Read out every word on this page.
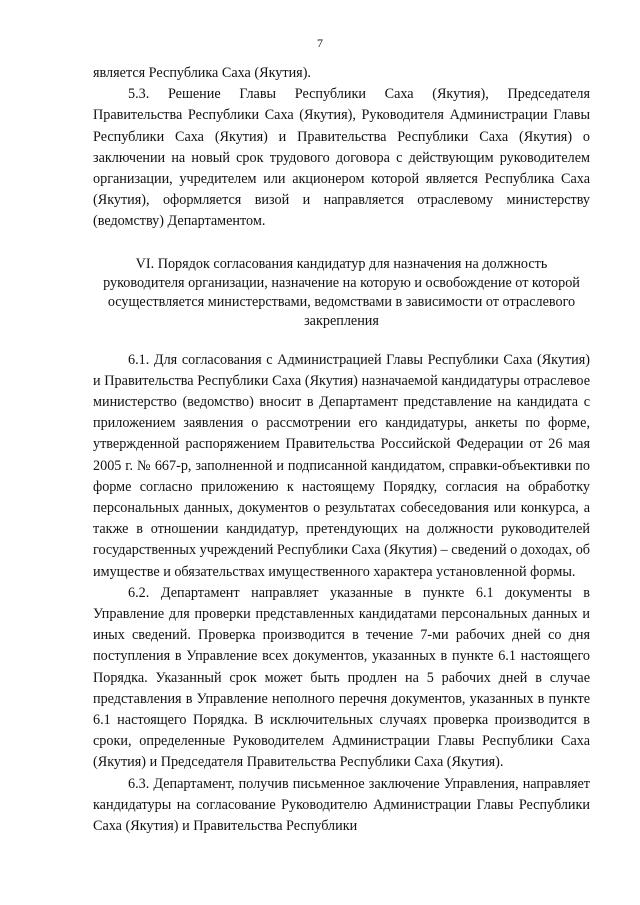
7

является Республика Саха (Якутия).

5.3. Решение Главы Республики Саха (Якутия), Председателя Правительства Республики Саха (Якутия), Руководителя Администрации Главы Республики Саха (Якутия) и Правительства Республики Саха (Якутия) о заключении на новый срок трудового договора с действующим руководителем организации, учредителем или акционером которой является Республика Саха (Якутия), оформляется визой и направляется отраслевому министерству (ведомству) Департаментом.

VI. Порядок согласования кандидатур для назначения на должность руководителя организации, назначение на которую и освобождение от которой осуществляется министерствами, ведомствами в зависимости от отраслевого закрепления

6.1. Для согласования с Администрацией Главы Республики Саха (Якутия) и Правительства Республики Саха (Якутия) назначаемой кандидатуры отраслевое министерство (ведомство) вносит в Департамент представление на кандидата с приложением заявления о рассмотрении его кандидатуры, анкеты по форме, утвержденной распоряжением Правительства Российской Федерации от 26 мая 2005 г. № 667-р, заполненной и подписанной кандидатом, справки-объективки по форме согласно приложению к настоящему Порядку, согласия на обработку персональных данных, документов о результатах собеседования или конкурса, а также в отношении кандидатур, претендующих на должности руководителей государственных учреждений Республики Саха (Якутия) – сведений о доходах, об имуществе и обязательствах имущественного характера установленной формы.

6.2. Департамент направляет указанные в пункте 6.1 документы в Управление для проверки представленных кандидатами персональных данных и иных сведений. Проверка производится в течение 7-ми рабочих дней со дня поступления в Управление всех документов, указанных в пункте 6.1 настоящего Порядка. Указанный срок может быть продлен на 5 рабочих дней в случае представления в Управление неполного перечня документов, указанных в пункте 6.1 настоящего Порядка. В исключительных случаях проверка производится в сроки, определенные Руководителем Администрации Главы Республики Саха (Якутия) и Председателя Правительства Республики Саха (Якутия).

6.3. Департамент, получив письменное заключение Управления, направляет кандидатуры на согласование Руководителю Администрации Главы Республики Саха (Якутия) и Правительства Республики
